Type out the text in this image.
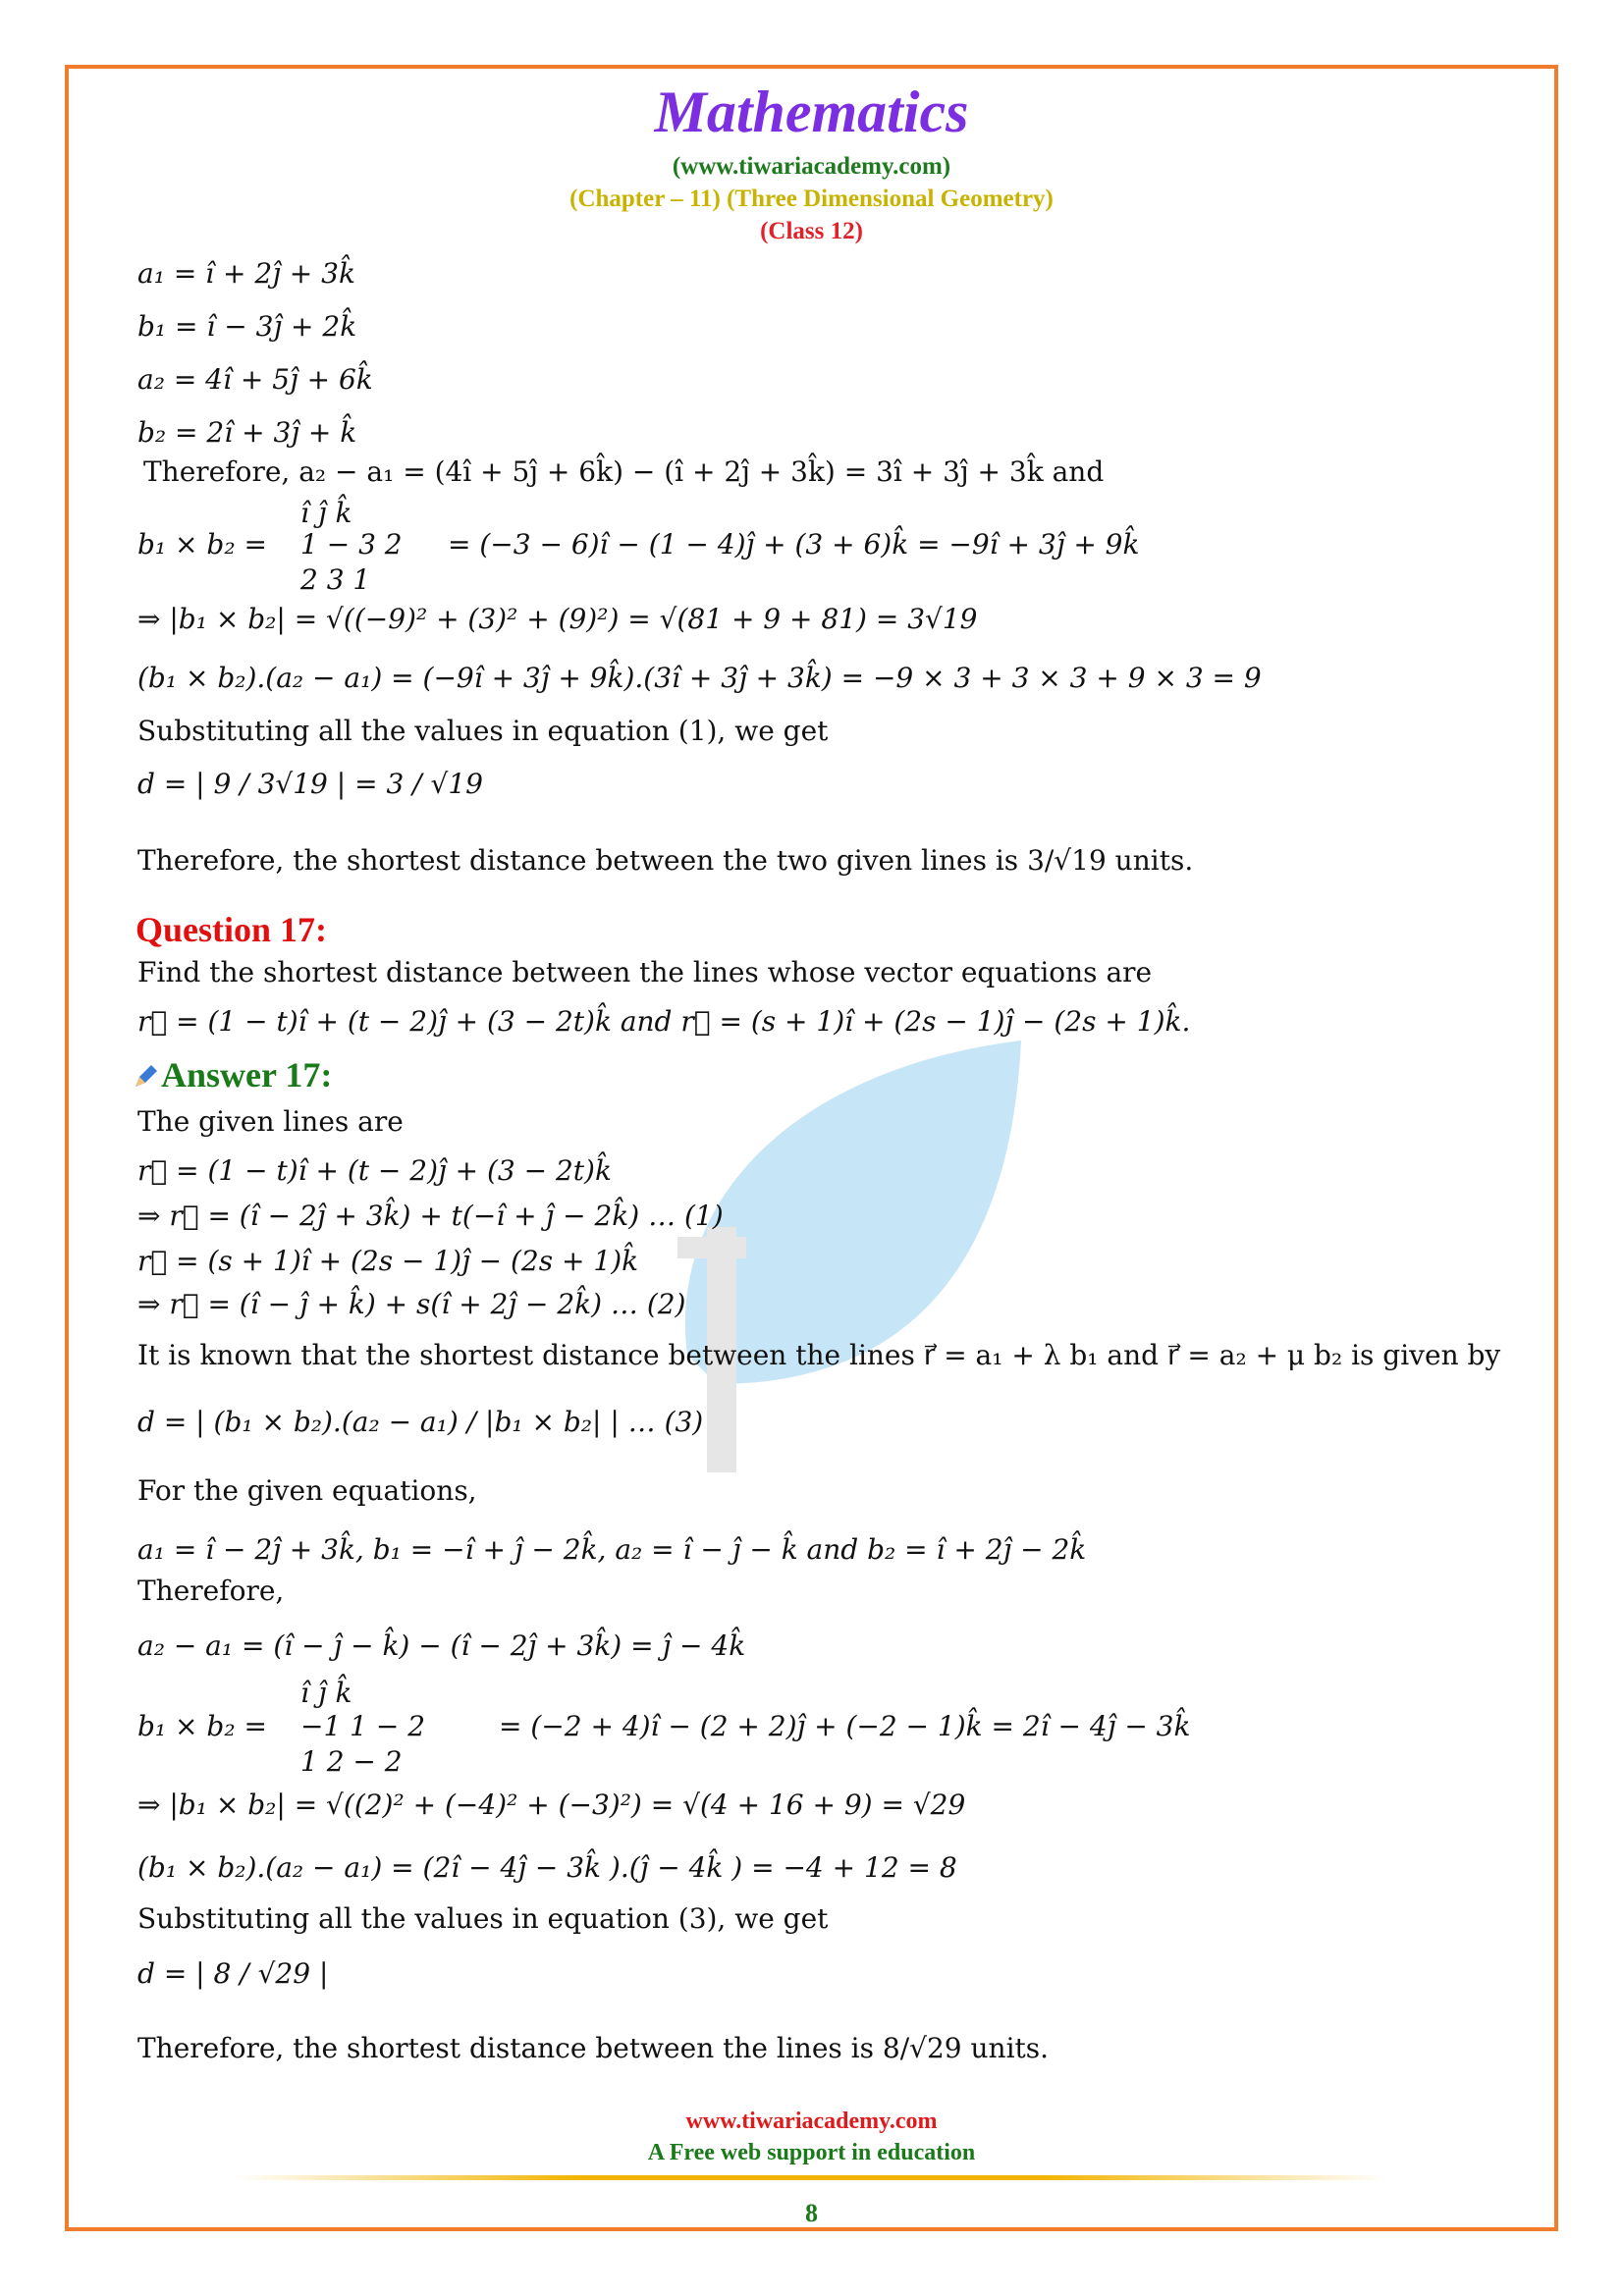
Mathematics
(www.tiwariacademy.com)
(Chapter – 11) (Three Dimensional Geometry)
(Class 12)
a₁ = î + 2ĵ + 3k̂
b₁ = î − 3ĵ + 2k̂
a₂ = 4î + 5ĵ + 6k̂
b₂ = 2î + 3ĵ + k̂
Therefore, a₂ − a₁ = (4î + 5ĵ + 6k̂) − (î + 2ĵ + 3k̂) = 3î + 3ĵ + 3k̂ and
î ĵ k̂
b₁ × b₂ = 1 − 3 2 = (−3 − 6)î − (1 − 4)ĵ + (3 + 6)k̂ = −9î + 3ĵ + 9k̂
2 3 1
⇒ |b₁ × b₂| = √((−9)² + (3)² + (9)²) = √(81 + 9 + 81) = 3√19
(b₁ × b₂).(a₂ − a₁) = (−9î + 3ĵ + 9k̂).(3î + 3ĵ + 3k̂) = −9 × 3 + 3 × 3 + 9 × 3 = 9
Substituting all the values in equation (1), we get
d = | 9 / 3√19 | = 3 / √19
Therefore, the shortest distance between the two given lines is 3/√19 units.
Question 17:
Find the shortest distance between the lines whose vector equations are
r⃗ = (1 − t)î + (t − 2)ĵ + (3 − 2t)k̂ and r⃗ = (s + 1)î + (2s − 1)ĵ − (2s + 1)k̂.
Answer 17:
The given lines are
r⃗ = (1 − t)î + (t − 2)ĵ + (3 − 2t)k̂
⇒ r⃗ = (î − 2ĵ + 3k̂) + t(−î + ĵ − 2k̂) … (1)
r⃗ = (s + 1)î + (2s − 1)ĵ − (2s + 1)k̂
⇒ r⃗ = (î − ĵ + k̂) + s(î + 2ĵ − 2k̂) … (2)
It is known that the shortest distance between the lines r⃗ = a₁ + λ b₁ and r⃗ = a₂ + μ b₂ is given by
d = | (b₁ × b₂).(a₂ − a₁) / |b₁ × b₂| | … (3)
For the given equations,
a₁ = î − 2ĵ + 3k̂, b₁ = −î + ĵ − 2k̂, a₂ = î − ĵ − k̂ and b₂ = î + 2ĵ − 2k̂
Therefore,
a₂ − a₁ = (î − ĵ − k̂) − (î − 2ĵ + 3k̂) = ĵ − 4k̂
î ĵ k̂
b₁ × b₂ = −1 1 − 2	= (−2 + 4)î − (2 + 2)ĵ + (−2 − 1)k̂ = 2î − 4ĵ − 3k̂
1 2 − 2
⇒ |b₁ × b₂| = √((2)² + (−4)² + (−3)²) = √(4 + 16 + 9) = √29
(b₁ × b₂).(a₂ − a₁) = (2î − 4ĵ − 3k̂ ).(ĵ − 4k̂ ) = −4 + 12 = 8
Substituting all the values in equation (3), we get
d = | 8 / √29 |
Therefore, the shortest distance between the lines is 8/√29 units.
www.tiwariacademy.com
A Free web support in education
8
